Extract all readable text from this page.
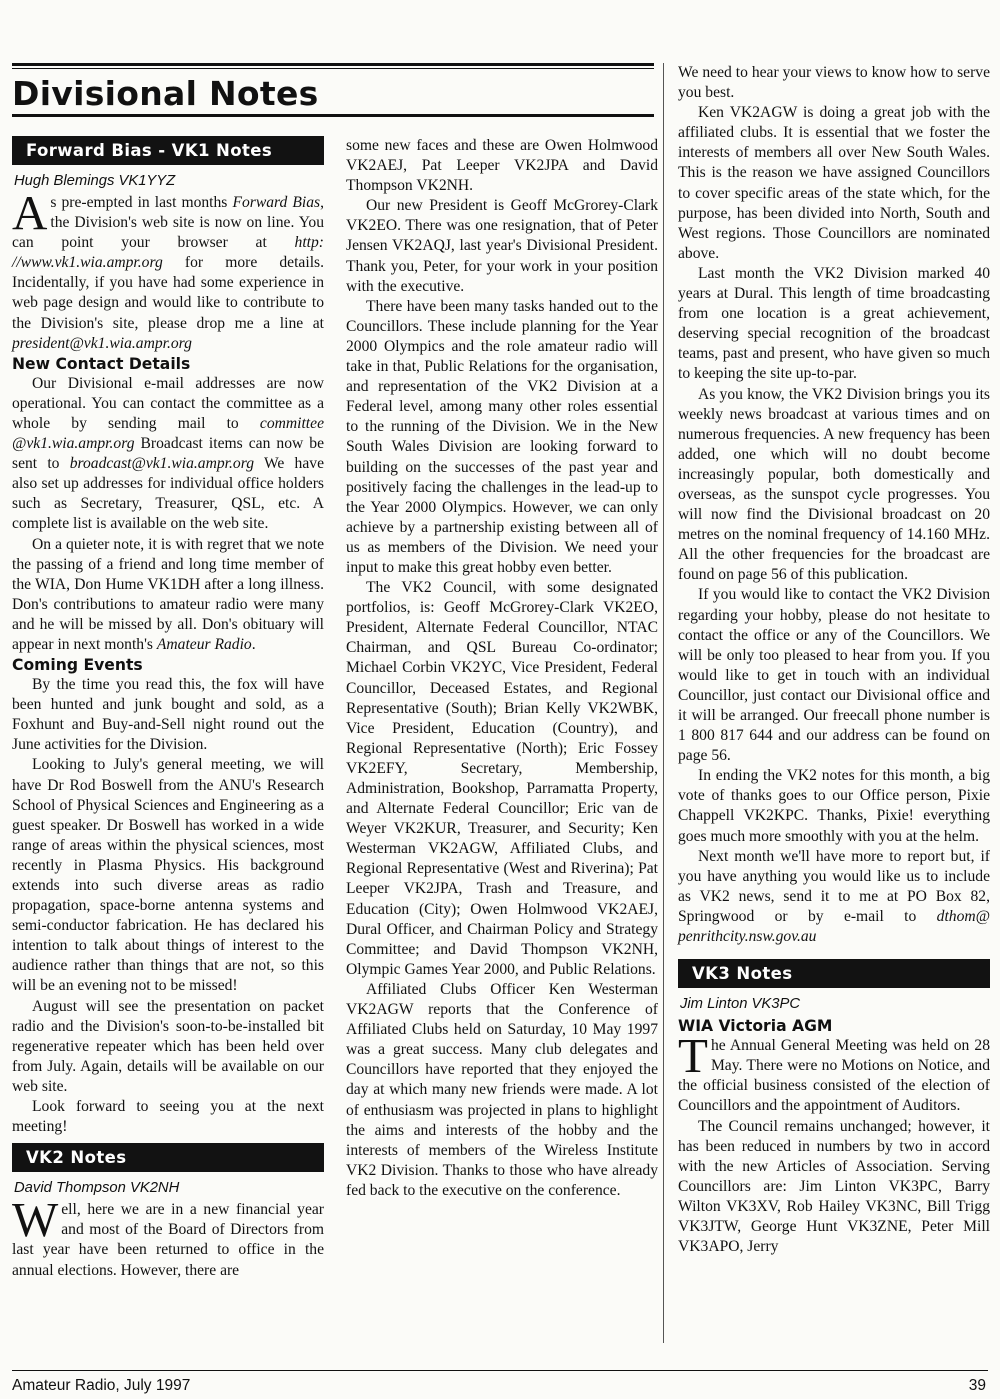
Divisional Notes
Forward Bias - VK1 Notes
Hugh Blemings VK1YYZ

As pre-empted in last months Forward Bias, the Division's web site is now on line. You can point your browser at http: //www.vk1.wia.ampr.org for more details. Incidentally, if you have had some experience in web page design and would like to contribute to the Division's site, please drop me a line at president@vk1.wia.ampr.org

New Contact Details

Our Divisional e-mail addresses are now operational. You can contact the committee as a whole by sending mail to committee @vk1.wia.ampr.org Broadcast items can now be sent to broadcast@vk1.wia.ampr.org We have also set up addresses for individual office holders such as Secretary, Treasurer, QSL, etc. A complete list is available on the web site.

On a quieter note, it is with regret that we note the passing of a friend and long time member of the WIA, Don Hume VK1DH after a long illness. Don's contributions to amateur radio were many and he will be missed by all. Don's obituary will appear in next month's Amateur Radio.

Coming Events

By the time you read this, the fox will have been hunted and junk bought and sold, as a Foxhunt and Buy-and-Sell night round out the June activities for the Division.

Looking to July's general meeting, we will have Dr Rod Boswell from the ANU's Research School of Physical Sciences and Engineering as a guest speaker. Dr Boswell has worked in a wide range of areas within the physical sciences, most recently in Plasma Physics. His background extends into such diverse areas as radio propagation, space-borne antenna systems and semi-conductor fabrication. He has declared his intention to talk about things of interest to the audience rather than things that are not, so this will be an evening not to be missed!

August will see the presentation on packet radio and the Division's soon-to-be-installed bit regenerative repeater which has been held over from July. Again, details will be available on our web site.

Look forward to seeing you at the next meeting!

VK2 Notes
David Thompson VK2NH

Well, here we are in a new financial year and most of the Board of Directors from last year have been returned to office in the annual elections. However, there are

some new faces and these are Owen Holmwood VK2AEJ, Pat Leeper VK2JPA and David Thompson VK2NH.

Our new President is Geoff McGrorey-Clark VK2EO. There was one resignation, that of Peter Jensen VK2AQJ, last year's Divisional President. Thank you, Peter, for your work in your position with the executive.

There have been many tasks handed out to the Councillors. These include planning for the Year 2000 Olympics and the role amateur radio will take in that, Public Relations for the organisation, and representation of the VK2 Division at a Federal level, among many other roles essential to the running of the Division. We in the New South Wales Division are looking forward to building on the successes of the past year and positively facing the challenges in the lead-up to the Year 2000 Olympics. However, we can only achieve by a partnership existing between all of us as members of the Division. We need your input to make this great hobby even better.

The VK2 Council, with some designated portfolios, is: Geoff McGrorey-Clark VK2EO, President, Alternate Federal Councillor, NTAC Chairman, and QSL Bureau Co-ordinator; Michael Corbin VK2YC, Vice President, Federal Councillor, Deceased Estates, and Regional Representative (South); Brian Kelly VK2WBK, Vice President, Education (Country), and Regional Representative (North); Eric Fossey VK2EFY, Secretary, Membership, Administration, Bookshop, Parramatta Property, and Alternate Federal Councillor; Eric van de Weyer VK2KUR, Treasurer, and Security; Ken Westerman VK2AGW, Affiliated Clubs, and Regional Representative (West and Riverina); Pat Leeper VK2JPA, Trash and Treasure, and Education (City); Owen Holmwood VK2AEJ, Dural Officer, and Chairman Policy and Strategy Committee; and David Thompson VK2NH, Olympic Games Year 2000, and Public Relations.

Affiliated Clubs Officer Ken Westerman VK2AGW reports that the Conference of Affiliated Clubs held on Saturday, 10 May 1997 was a great success. Many club delegates and Councillors have reported that they enjoyed the day at which many new friends were made. A lot of enthusiasm was projected in plans to highlight the aims and interests of the hobby and the interests of members of the Wireless Institute VK2 Division. Thanks to those who have already fed back to the executive on the conference.

We need to hear your views to know how to serve you best.

Ken VK2AGW is doing a great job with the affiliated clubs. It is essential that we foster the interests of members all over New South Wales. This is the reason we have assigned Councillors to cover specific areas of the state which, for the purpose, has been divided into North, South and West regions. Those Councillors are nominated above.

Last month the VK2 Division marked 40 years at Dural. This length of time broadcasting from one location is a great achievement, deserving special recognition of the broadcast teams, past and present, who have given so much to keeping the site up-to-par.

As you know, the VK2 Division brings you its weekly news broadcast at various times and on numerous frequencies. A new frequency has been added, one which will no doubt become increasingly popular, both domestically and overseas, as the sunspot cycle progresses. You will now find the Divisional broadcast on 20 metres on the nominal frequency of 14.160 MHz. All the other frequencies for the broadcast are found on page 56 of this publication.

If you would like to contact the VK2 Division regarding your hobby, please do not hesitate to contact the office or any of the Councillors. We will be only too pleased to hear from you. If you would like to get in touch with an individual Councillor, just contact our Divisional office and it will be arranged. Our freecall phone number is 1 800 817 644 and our address can be found on page 56.

In ending the VK2 notes for this month, a big vote of thanks goes to our Office person, Pixie Chappell VK2KPC. Thanks, Pixie! everything goes much more smoothly with you at the helm.

Next month we'll have more to report but, if you have anything you would like us to include as VK2 news, send it to me at PO Box 82, Springwood or by e-mail to dthom@ penrithcity.nsw.gov.au

VK3 Notes
Jim Linton VK3PC
WIA Victoria AGM

The Annual General Meeting was held on 28 May. There were no Motions on Notice, and the official business consisted of the election of Councillors and the appointment of Auditors.

The Council remains unchanged; however, it has been reduced in numbers by two in accord with the new Articles of Association. Serving Councillors are: Jim Linton VK3PC, Barry Wilton VK3XV, Rob Hailey VK3NC, Bill Trigg VK3JTW, George Hunt VK3ZNE, Peter Mill VK3APO, Jerry

Amateur Radio, July 1997	39
